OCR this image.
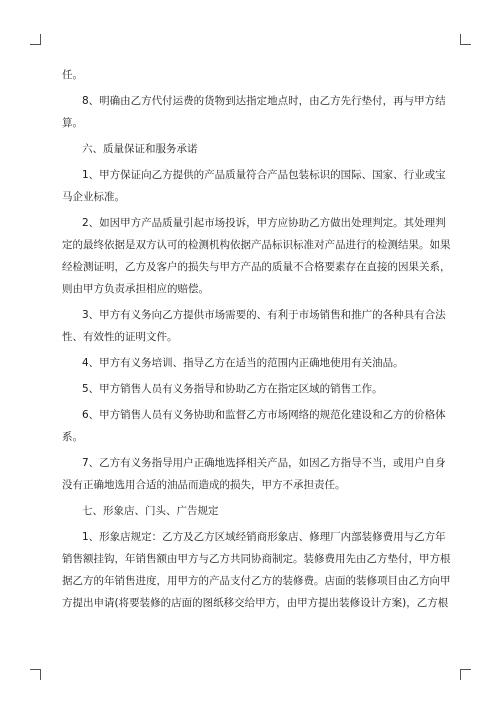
任。
8、明确由乙方代付运费的货物到达指定地点时，由乙方先行垫付，再与甲方结
算。
六、质量保证和服务承诺
1、甲方保证向乙方提供的产品质量符合产品包装标识的国际、国家、行业或宝
马企业标准。
2、如因甲方产品质量引起市场投诉，甲方应协助乙方做出处理判定。其处理判
定的最终依据是双方认可的检测机构依据产品标识标准对产品进行的检测结果。如果
经检测证明，乙方及客户的损失与甲方产品的质量不合格要素存在直接的因果关系，
则由甲方负责承担相应的赔偿。
3、甲方有义务向乙方提供市场需要的、有利于市场销售和推广的各种具有合法
性、有效性的证明文件。
4、甲方有义务培训、指导乙方在适当的范围内正确地使用有关油品。
5、甲方销售人员有义务指导和协助乙方在指定区域的销售工作。
6、甲方销售人员有义务协助和监督乙方市场网络的规范化建设和乙方的价格体
系。
7、乙方有义务指导用户正确地选择相关产品，如因乙方指导不当，或用户自身
没有正确地选用合适的油品而造成的损失，甲方不承担责任。
七、形象店、门头、广告规定
1、形象店规定：乙方及乙方区域经销商形象店、修理厂内部装修费用与乙方年
销售额挂钩，年销售额由甲方与乙方共同协商制定。装修费用先由乙方垫付，甲方根
据乙方的年销售进度，用甲方的产品支付乙方的装修费。店面的装修项目由乙方向甲
方提出申请(将要装修的店面的图纸移交给甲方，由甲方提出装修设计方案)，乙方根
